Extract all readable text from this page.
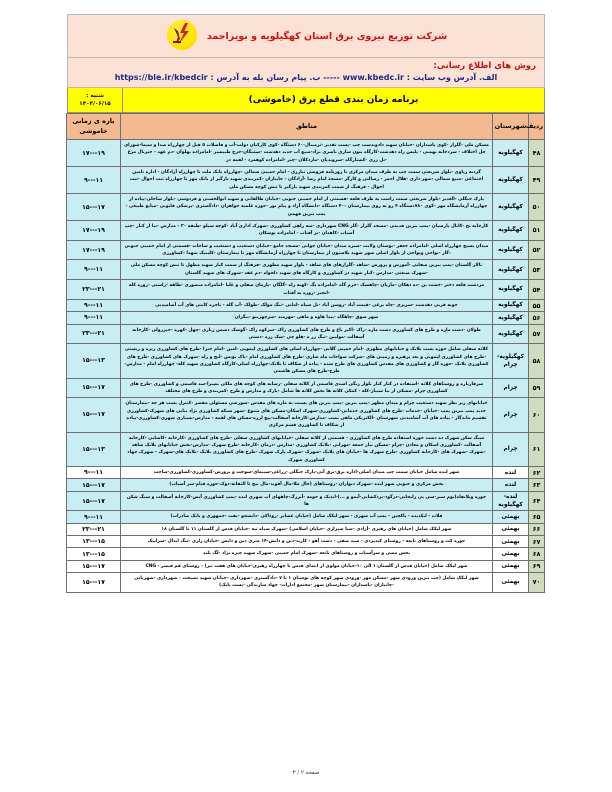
شرکت توزیع نیروی برق استان کهگیلویه و بویراحمد
روش های اطلاع رسانی:
الف. آدرس وب سایت : www.kbedc.ir ----- ب. پیام رسان بله به آدرس : https://ble.ir/kbedcir
برنامه زمان بندی قطع برق (خاموشی)
شنبه :
۱۴۰۴/۰۶/۱۵
ردیف	شهرستان	مناطق	بازه ی زمانی خاموشی
۴۸	کهگیلویه	مسکن ملی -گلزار -کوی پاسداران -خیابان شهید دادوندست چپ -پست تقدیر -ترمینال-۶۰ دستگاه -کوی کارکنان دولت-آب و فاضلاب ۵ قبل از چهارراه صدا و سیما-شورای حل اختلاف - سردخانه بهمنی - پلیس راه دهدشت-کارگاه بتون سازی ناصری نژاد-منبع آب جدید دهدشت -سمنگان-خرج طبیشیر -امامزاده پهلوان -دم عهد - جیرنال مرغ -تل زری -کشتارگاه -سروندیان -ماردکلان -چنر -امامزاده کوهمرد - لقمه دژ	۱۹---۱۷
۴۹	کهگیلویه	گردنه ریاوی -بلوار شریعتی سمت چپ به طرف میدان مرکزی تا روزنامه فروشی تبارزی - امام خمینی شمالی -چهارراه بانک ملت تا چهارراه آزادگان - اداره تامین اجتماعی -منبع شمالی -شهر داری -هلال احمر - رسالتی و کارگر -مسجد امام رضا -آزادگان - جانبازان -کمربندی شهید بازگیر از بانک مهر تا چهارراه ثبت احوال -ثبت احوال - فرهنگ از سمت کمربندی شهید بازگیر تا تنش کوچه مسکن ملی	۱۱---۹
۵۰	کهگیلویه	پارک جنگلی -الغدیر -بلوار شریعتی سمت راست به طرف قلعه -قسمتی از امام خمینی جنوبی -خیابان طالقانی و شهید ابوالحسنی و فردوسی -بلوار ساحلی-پیاده از چهارراه آزمایشگاه مهر -کوی ۷۸۰دستگاه ۴ رو به روی بیمارستان -۴۰ دستگاه -دانشگاه آزاد و پیام نور -حوزه علمیه خواهران -دادگستری -پزشکی قانونی -منابع طبیعی - پمپ بنزین فهمی	۱۷---۱۵
۵۱	کهگیلویه	کارخانه یخ -کانال پارسیان -پمپ بنزین قدیمی -مسجد گلزار -گاز CNG شهرداری -سه راهی کشاورزی -شهرک اداری آباد -کوچه سیلو -طبقه ۳۰ - مدارس -بنا از کنار -چپ آسیاب -کاهدان -بر آفتاب - امامزاده بوشکان	۱۹---۱۷
۵۲	کهگیلویه	میدان بسیج چهارراه اصلی -امامزاده جعفر -بوستان ولایت -سبزه میدان -خیابان جوانی -مسجد جامع -خیابان دستغیب و دستغیب و ساحات -قسمتی از امام خمینی جنوبی -گاز -نواحی ونواحی از بلوار اصلی شهر شهید پلاسیون از بیمارستان تا چهارراه آزمایشگاه مهر تا بیمارستان -کلینیک شهدا -کشاورزی	۱۹---۱۷
۵۳	کهگیلویه	تالار گلستان -پمپ بنزین صفایی -آموزش و پرورش -شاهد -گلزارهای های شاهد - بلوار شهید مطهری -فرهنگ از سمت کنار شهید مطهل تا تنش کوچه مسکن ملی -شهرک صنعتی -مدارس -کنار شهید دژ کشاورزی و کارگاه های شهید دلخواه -دم عقد -شهرک های شهید گلستان	۱۱---۹
۵۴	کهگیلویه	مردشت قلعه دختر -خشت بن -ده دهکان -ماریان -چاهشک -خرم گاه -امامزاده بگ -کهنه راه -گلگان -پارمان سفلی و علیا -امامزاده منصوری -طاهه -راستی -روزه کله -انجیر -روزه نه آفتاب	۲۱---۲۳
۵۵	کهگیلویه	خونه قربی دهدشت -سرپری -چاه برغی -قیمت آباد -روشن آباد -تل سیاه -امانی -تنگ مولک -طولک -آب گله - باجره کایتی های آب آشامیدنی	۱۱---۹
۵۶	کهگیلویه	شهر سوق -چاهگاه -پیدا هاوه و ماهی -مهرمند -سرچهرنیو -بنگران	۱۱---۹
۵۷	کهگیلویه	طولان -دشت مازه و طرح های کشاورزی دشت مازه -راک -اکبر باغ و طرح های کشاورزی راک -سرکوه راک -گوشک دشمن زیاری -چهل -کهره -خیرزولی -کارخانه آسفالت -مولیین -تنگ زر ه -هلو چی -شک زره -دشتی	۲۱---۲۳
۵۸	کهگیلویه-چرام	کلاته سفلی شامل حوزه پست بلانک و خیابانهای مطهری -امام خمینی گلابی -چهارراه اصلی های کشاورزی لیمویی -امین -امام خیرا -طرح های کشاورزی زیره و زیستی -طرح های کشاورزی لیمویی و بعد پرهیزه و زمینی های -شرکت سواحات ماه شاری -طرح های کشاورزی امام -پاک نویس -لنج و راه -شهرک های کشاورزی -طرح های کشاورزی بلانک -حوزه گاز و کشاورزی های مقدس کشاورزی های طرح شده - پیاده از شکاف تا بلانک-چهارراه اصلی-کارگاه کشاورزی شهید کله- چهارراه امام - مدارس-طرح-طرح های مسکن هاشمی	۱۳---۱۵
۵۹	چرام	سرقارباره و روستاهای کلاته -استفاده در کنار کنار بلوار زنگی اسدی قاسمی از کلاته سفلی -رسانه های کوچه های ملکی نصیرا-سد قاسمی و کشاورزی -طرح های کشاورزی چرام -مشکی از بنا سینار-کله - کمکی کلاته ها بخش کلاته ها شامل -پارک و مدارس و طرح -کمربندی و طرح های مختلف	۱۷---۱۵
۶۰	چرام	خیابانهای زیر نظر شهید دستغیب چرام و میدان مطهر -پمپ بنزین -پمپ بنزین های نسبت به مازه های مقدس -شورشی مسئولی مقصر -کنترل پست هر چه -بیمارستان جدید پمپ بنزین پمپ -خیابان -خدمات -طرح های کشاورزی خدماتی-کشاورزی-شهرک اسکان-مسکن های متنوع -شهر شبکه کشاورزی نژاد بنایی های شهرک-کشاورزی تقسیم ماندگار - پیاده های آب آشامیدنی شهرستان -الکتریکی ماهی نصب -مدارس-کارخانه آسفالت-پیچ لرزه-مسکن های لقمه - مدارس-بسیاری شهری-کشاورزی-پیاده از شکاف تا کشاورزی قسم مرکزی	۱۷---۱۵
۶۱	چرام	سنگ شکن شهرک ده دشت حوزه استفاده طرح های کشاورزی - قسمتی از کلاته سفلی -خیابانهای کشاورزی سفلی -طرح های کشاورزی -کارخانه -کاشانی -کارخانه آسفالت -کشاورزی اسکان و معادن -چرام -مسکن نیاز جمعه -مهرانی -بلانک کشاورزی -مدارس -درمان -کارخانه -طرح شهرک -مدارس-بخش خیابانهای بلانک شاهد -شهرک -شهرک های -کارخانه کشاورزی -طرح شهرک ها -خیابان های بلانک -شهرک -شهرک پارک شهرک -طرح های کشاورزی بلانک -بلانک های-شهرک - شهرک جهاد کشاورزی شهرک	۱۳---۱۵
۶۲	لنده	شهر لنده شامل خیابان سمت چپ میدان اصلی-اداره برق-برق آبی-پارک جنگلی -زراعی-سینمای-سوخت و پرورش-کشاورزی-کشاورزی-ساخت	۱۱---۹
۶۳	لنده	بخش مرکزی و جنوبی شهر لنده -شهرک دیواران -روستاهای (حال ملا-مال آقوند-مال نیخ تا التفاته-دوک-حوزه قیام-سر آسیاب)	۱۷---۱۵
۶۴	لنده-کهگیلویه	حوزه ویلانقاه(بوم سبز-سی بی زلیخایی-دژگود-بردکشانی-آبمو و ...)-ابدنک و حومه -آبرزگ-چاههای آب شهری لنده -پمپ کشاورزی آبش-کارخانه آسفالت و سنگ شکن ها	۱۷---۱۵
۶۵	بهمئی	قلات - لیکدیده - پاکچین - پمپ آب شهری - شهر لیکک شامل (خیابان عشایر -روداکی -دانشجو -نفت -جمهوری و بانک صادرات)	۱۱---۹
۶۶	بهمئی	شهر لیکک شامل (خیابان های رهبری -آزادی -صبا شیرازی -خیابان اسلامی) -شهرک سیاه تپه -خیابان قدس از گلستان ۱۱ تا گلستان ۱۸	۲۱---۲۳
۶۷	بهمئی	حوزه کت و روستاهای تابعه - روستای کیدیردی - سید صفی - دشت آهو - کارند-دین و دانش-۱۴ متری دین و دانش -خیابان رازی -تنگ ابدال -سراییک	۱۵---۱۳
۶۸	بهمئی	بخش مصی و سرآسیاب و روستاهای تابعه -شهرک امام خمینی -شهرک شهید چیره نژاد -لگ بلند	۱۵---۱۳
۶۹	بهمئی	شهر لیکک شامل (خیابان قدس از گلستان ۱ الی ۱۰-خیابان مولوی از ابتدای قدس تا چهارراه رهبری-خیابان های هفت تیر) - روستای قم قیصر - CNG	۱۷---۱۵
۷۰	بهمئی	شهر لیکک شامل (چپ بنزین ورودی شهر -مسکن مهر -ورودی شهر کوچه های نوستان ۱ تا ۷ -دادگستری -شهرداری -خیابان شهید نصیحت - شهرداری -شهربانی -جانبازان -پاسداران -بیمارستان شهر -مجتمع ادارات- جهاد سازندگی -پست بانک)	۱۷---۱۵
صفحه ۲ / ۳
